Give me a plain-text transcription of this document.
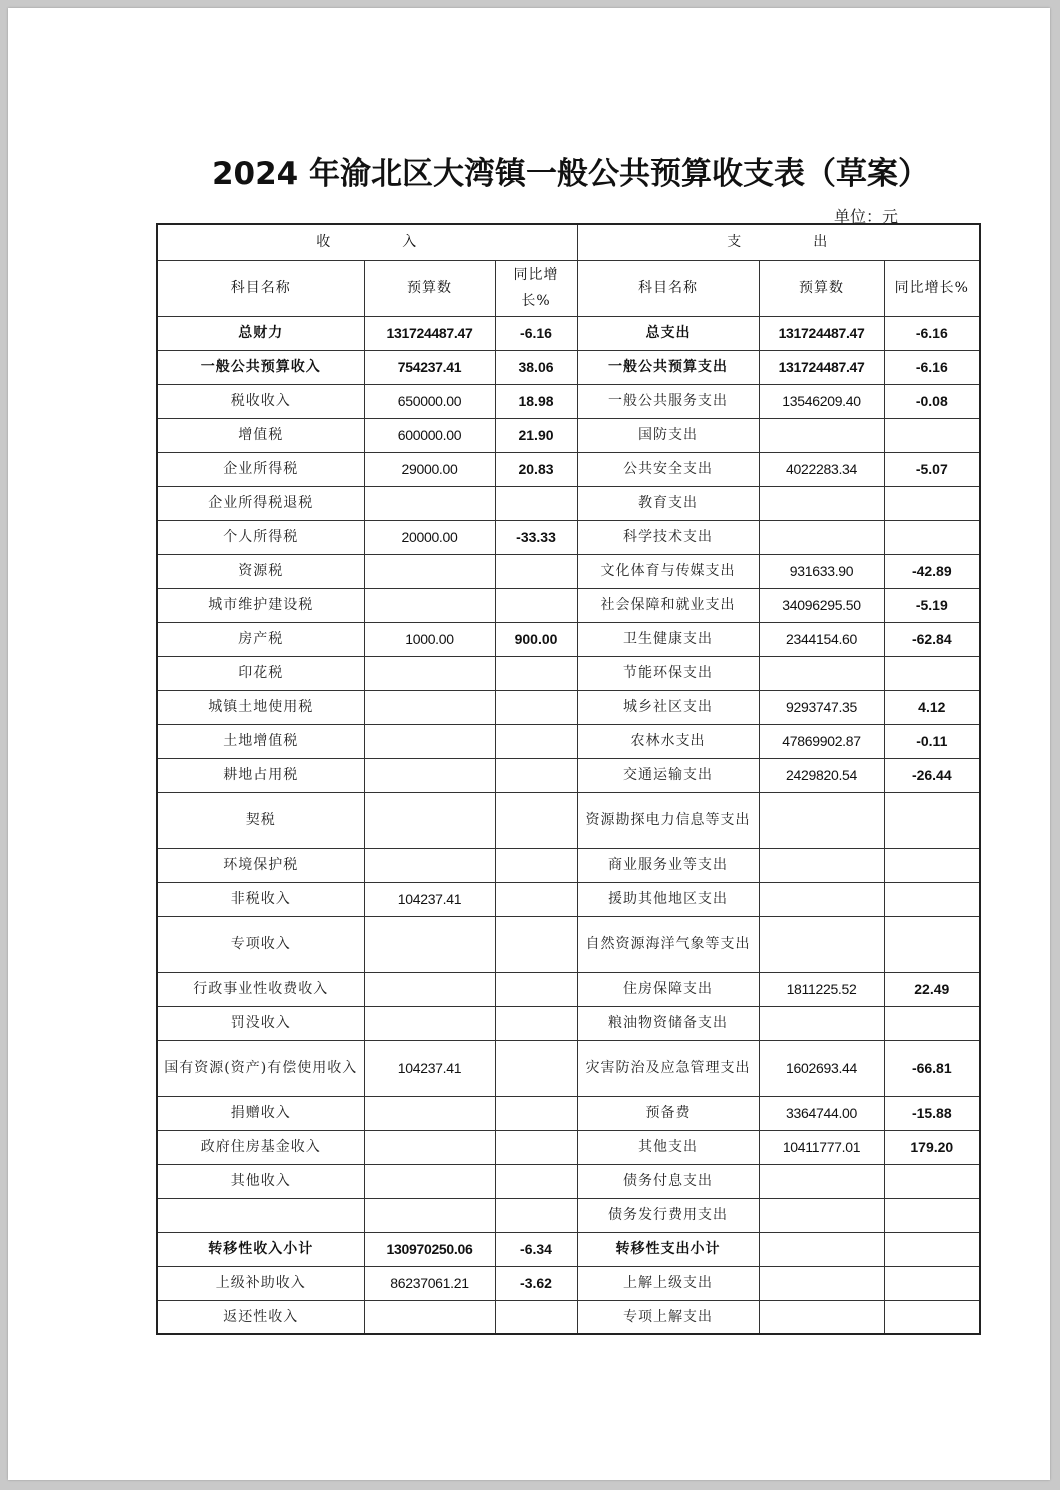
2024 年渝北区大湾镇一般公共预算收支表（草案）
单位：元
收 入			支 出		
科目名称	预算数	同比增长%	科目名称	预算数	同比增长%
总财力	131724487.47	-6.16	总支出	131724487.47	-6.16
一般公共预算收入	754237.41	38.06	一般公共预算支出	131724487.47	-6.16
税收收入	650000.00	18.98	一般公共服务支出	13546209.40	-0.08
增值税	600000.00	21.90	国防支出		
企业所得税	29000.00	20.83	公共安全支出	4022283.34	-5.07
企业所得税退税			教育支出		
个人所得税	20000.00	-33.33	科学技术支出		
资源税			文化体育与传媒支出	931633.90	-42.89
城市维护建设税			社会保障和就业支出	34096295.50	-5.19
房产税	1000.00	900.00	卫生健康支出	2344154.60	-62.84
印花税			节能环保支出		
城镇土地使用税			城乡社区支出	9293747.35	4.12
土地增值税			农林水支出	47869902.87	-0.11
耕地占用税			交通运输支出	2429820.54	-26.44
契税			资源勘探电力信息等支出		
环境保护税			商业服务业等支出		
非税收入	104237.41		援助其他地区支出		
专项收入			自然资源海洋气象等支出		
行政事业性收费收入			住房保障支出	1811225.52	22.49
罚没收入			粮油物资储备支出		
国有资源(资产)有偿使用收入	104237.41		灾害防治及应急管理支出	1602693.44	-66.81
捐赠收入			预备费	3364744.00	-15.88
政府住房基金收入			其他支出	10411777.01	179.20
其他收入			债务付息支出		
			债务发行费用支出		
转移性收入小计	130970250.06	-6.34	转移性支出小计		
上级补助收入	86237061.21	-3.62	上解上级支出		
返还性收入			专项上解支出		
